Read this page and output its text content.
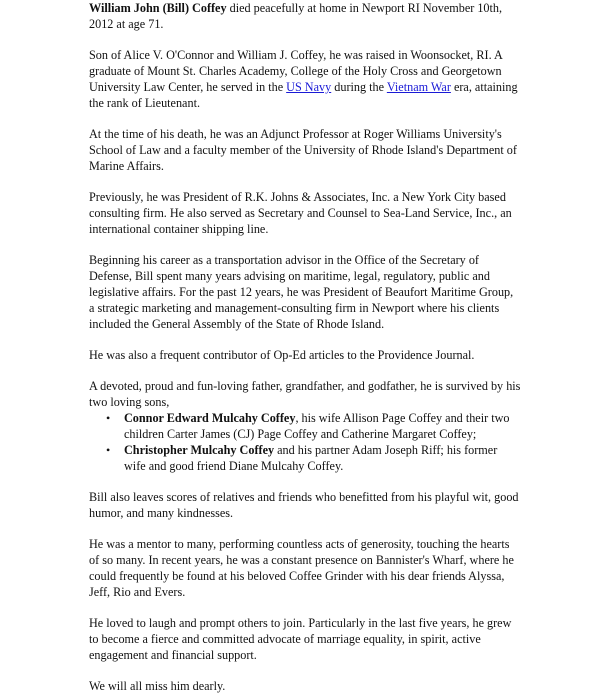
William John (Bill) Coffey died peacefully at home in Newport RI November 10th, 2012 at age 71.

Son of Alice V. O'Connor and William J. Coffey, he was raised in Woonsocket, RI. A graduate of Mount St. Charles Academy, College of the Holy Cross and Georgetown University Law Center, he served in the US Navy during the Vietnam War era, attaining the rank of Lieutenant.

At the time of his death, he was an Adjunct Professor at Roger Williams University's School of Law and a faculty member of the University of Rhode Island's Department of Marine Affairs.

Previously, he was President of R.K. Johns & Associates, Inc. a New York City based consulting firm. He also served as Secretary and Counsel to Sea-Land Service, Inc., an international container shipping line.

Beginning his career as a transportation advisor in the Office of the Secretary of Defense, Bill spent many years advising on maritime, legal, regulatory, public and legislative affairs. For the past 12 years, he was President of Beaufort Maritime Group, a strategic marketing and management-consulting firm in Newport where his clients included the General Assembly of the State of Rhode Island.

He was also a frequent contributor of Op-Ed articles to the Providence Journal.

A devoted, proud and fun-loving father, grandfather, and godfather, he is survived by his two loving sons,

• Connor Edward Mulcahy Coffey, his wife Allison Page Coffey and their two children Carter James (CJ) Page Coffey and Catherine Margaret Coffey;
• Christopher Mulcahy Coffey and his partner Adam Joseph Riff; his former wife and good friend Diane Mulcahy Coffey.

Bill also leaves scores of relatives and friends who benefitted from his playful wit, good humor, and many kindnesses.

He was a mentor to many, performing countless acts of generosity, touching the hearts of so many. In recent years, he was a constant presence on Bannister's Wharf, where he could frequently be found at his beloved Coffee Grinder with his dear friends Alyssa, Jeff, Rio and Evers.

He loved to laugh and prompt others to join. Particularly in the last five years, he grew to become a fierce and committed advocate of marriage equality, in spirit, active engagement and financial support.

We will all miss him dearly.
